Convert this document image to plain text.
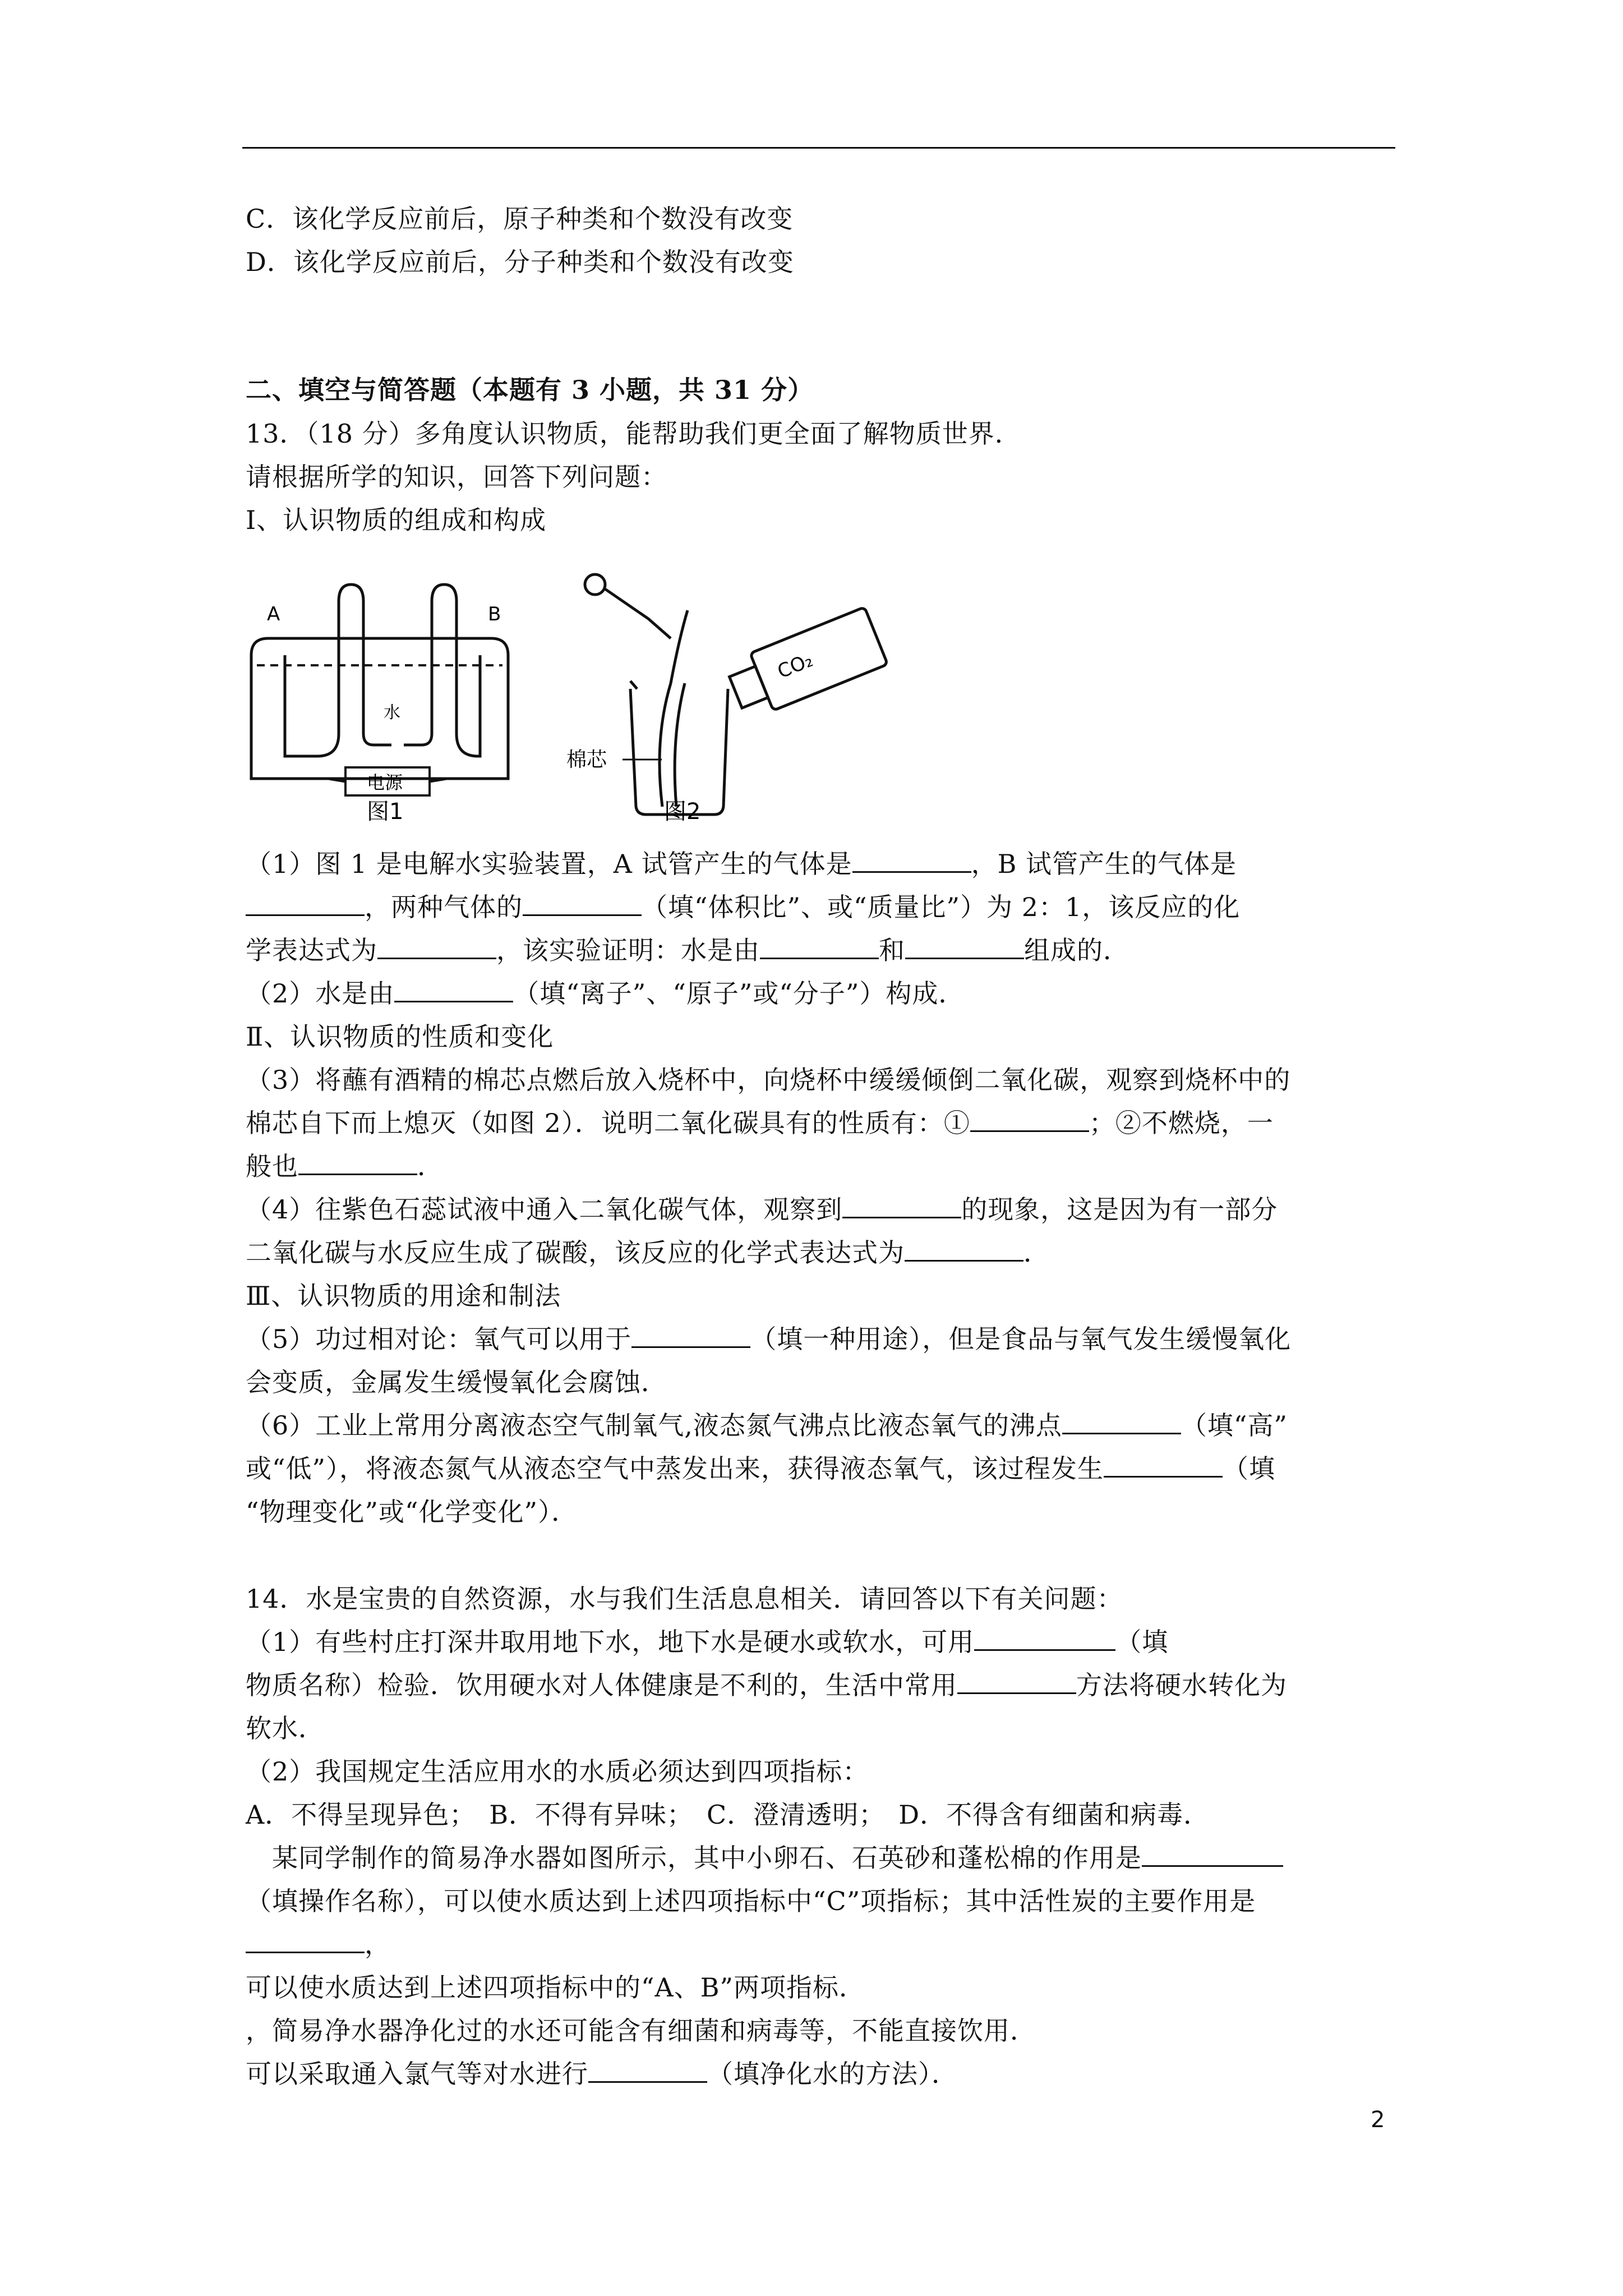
C．该化学反应前后，原子种类和个数没有改变
D．该化学反应前后，分子种类和个数没有改变
二、填空与简答题（本题有 3 小题，共 31 分）
13．（18 分）多角度认识物质，能帮助我们更全面了解物质世界．
请根据所学的知识，回答下列问题：
Ⅰ、认识物质的组成和构成
A	B
水
电源
CO₂
棉芯
图1	图2
（1）图 1 是电解水实验装置，A 试管产生的气体是	，B 试管产生的气体是
，两种气体的	（填“体积比”、或“质量比”）为 2：1，该反应的化
学表达式为	，该实验证明：水是由	和	组成的．
（2）水是由	（填“离子”、“原子”或“分子”）构成．
Ⅱ、认识物质的性质和变化
（3）将蘸有酒精的棉芯点燃后放入烧杯中，向烧杯中缓缓倾倒二氧化碳，观察到烧杯中的
棉芯自下而上熄灭（如图 2）．说明二氧化碳具有的性质有：①	；②不燃烧，一
般也	．
（4）往紫色石蕊试液中通入二氧化碳气体，观察到	的现象，这是因为有一部分
二氧化碳与水反应生成了碳酸，该反应的化学式表达式为	．
Ⅲ、认识物质的用途和制法
（5）功过相对论：氧气可以用于	（填一种用途），但是食品与氧气发生缓慢氧化
会变质，金属发生缓慢氧化会腐蚀．
（6）工业上常用分离液态空气制氧气,液态氮气沸点比液态氧气的沸点	（填“高”
或“低”），将液态氮气从液态空气中蒸发出来，获得液态氧气，该过程发生	（填
“物理变化”或“化学变化”）．
14．水是宝贵的自然资源，水与我们生活息息相关．请回答以下有关问题：
（1）有些村庄打深井取用地下水，地下水是硬水或软水，可用	（填
物质名称）检验．饮用硬水对人体健康是不利的，生活中常用	方法将硬水转化为
软水．
（2）我国规定生活应用水的水质必须达到四项指标：
A．不得呈现异色；　B．不得有异味；　C．澄清透明；　D．不得含有细菌和病毒．
　某同学制作的简易净水器如图所示，其中小卵石、石英砂和蓬松棉的作用是
（填操作名称），可以使水质达到上述四项指标中“C”项指标；其中活性炭的主要作用是
，
可以使水质达到上述四项指标中的“A、B”两项指标．
，简易净水器净化过的水还可能含有细菌和病毒等，不能直接饮用．
可以采取通入氯气等对水进行	（填净化水的方法）．
2
